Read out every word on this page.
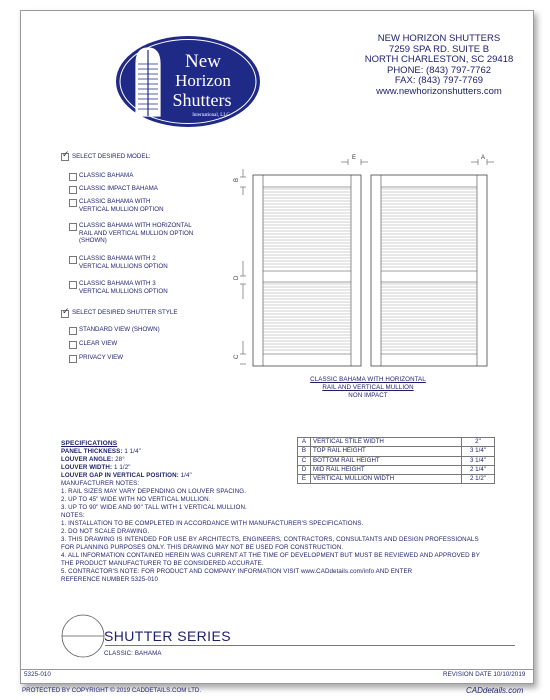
New
Horizon
Shutters
International, LLC
NEW HORIZON SHUTTERS
7259 SPA RD. SUITE B
NORTH CHARLESTON, SC 29418
PHONE: (843) 797-7762
FAX: (843) 797-7769
www.newhorizonshutters.com
✓
SELECT DESIRED MODEL:
CLASSIC BAHAMA
CLASSIC IMPACT BAHAMA
CLASSIC BAHAMA WITH
VERTICAL MULLION OPTION
CLASSIC BAHAMA WITH HORIZONTAL
RAIL AND VERTICAL MULLION OPTION
(SHOWN)
CLASSIC BAHAMA WITH 2
VERTICAL MULLIONS OPTION
CLASSIC BAHAMA WITH 3
VERTICAL MULLIONS OPTION
✓
SELECT DESIRED SHUTTER STYLE
STANDARD VIEW (SHOWN)
CLEAR VIEW
PRIVACY VIEW
E	A
B
D
C
CLASSIC BAHAMA WITH HORIZONTAL
RAIL AND VERTICAL MULLION
NON IMPACT
SPECIFICATIONS
PANEL THICKNESS: 1 1/4"
LOUVER ANGLE: 28°
LOUVER WIDTH: 1 1/2"
LOUVER GAP IN VERTICAL POSITION: 1/4"
MANUFACTURER NOTES:
1. RAIL SIZES MAY VARY DEPENDING ON LOUVER SPACING.
2. UP TO 45" WIDE WITH NO VERTICAL MULLION.
3. UP TO 90" WIDE AND 90" TALL WITH 1 VERTICAL MULLION.
NOTES:
1. INSTALLATION TO BE COMPLETED IN ACCORDANCE WITH MANUFACTURER'S SPECIFICATIONS.
2. DO NOT SCALE DRAWING.
3. THIS DRAWING IS INTENDED FOR USE BY ARCHITECTS, ENGINEERS, CONTRACTORS, CONSULTANTS AND DESIGN PROFESSIONALS
FOR PLANNING PURPOSES ONLY. THIS DRAWING MAY NOT BE USED FOR CONSTRUCTION.
4. ALL INFORMATION CONTAINED HEREIN WAS CURRENT AT THE TIME OF DEVELOPMENT BUT MUST BE REVIEWED AND APPROVED BY
THE PRODUCT MANUFACTURER TO BE CONSIDERED ACCURATE.
5. CONTRACTOR'S NOTE: FOR PRODUCT AND COMPANY INFORMATION VISIT www.CADdetails.com/info AND ENTER
REFERENCE NUMBER 5325-010
A	VERTICAL STILE WIDTH	2"
B	TOP RAIL HEIGHT	3 1/4"
C	BOTTOM RAIL HEIGHT	3 1/4"
D	MID RAIL HEIGHT	2 1/4"
E	VERTICAL MULLION WIDTH	2 1/2"
SHUTTER SERIES
CLASSIC: BAHAMA
5325-010	REVISION DATE 10/10/2019
PROTECTED BY COPYRIGHT © 2019 CADDETAILS.COM LTD.	CADdetails.com
